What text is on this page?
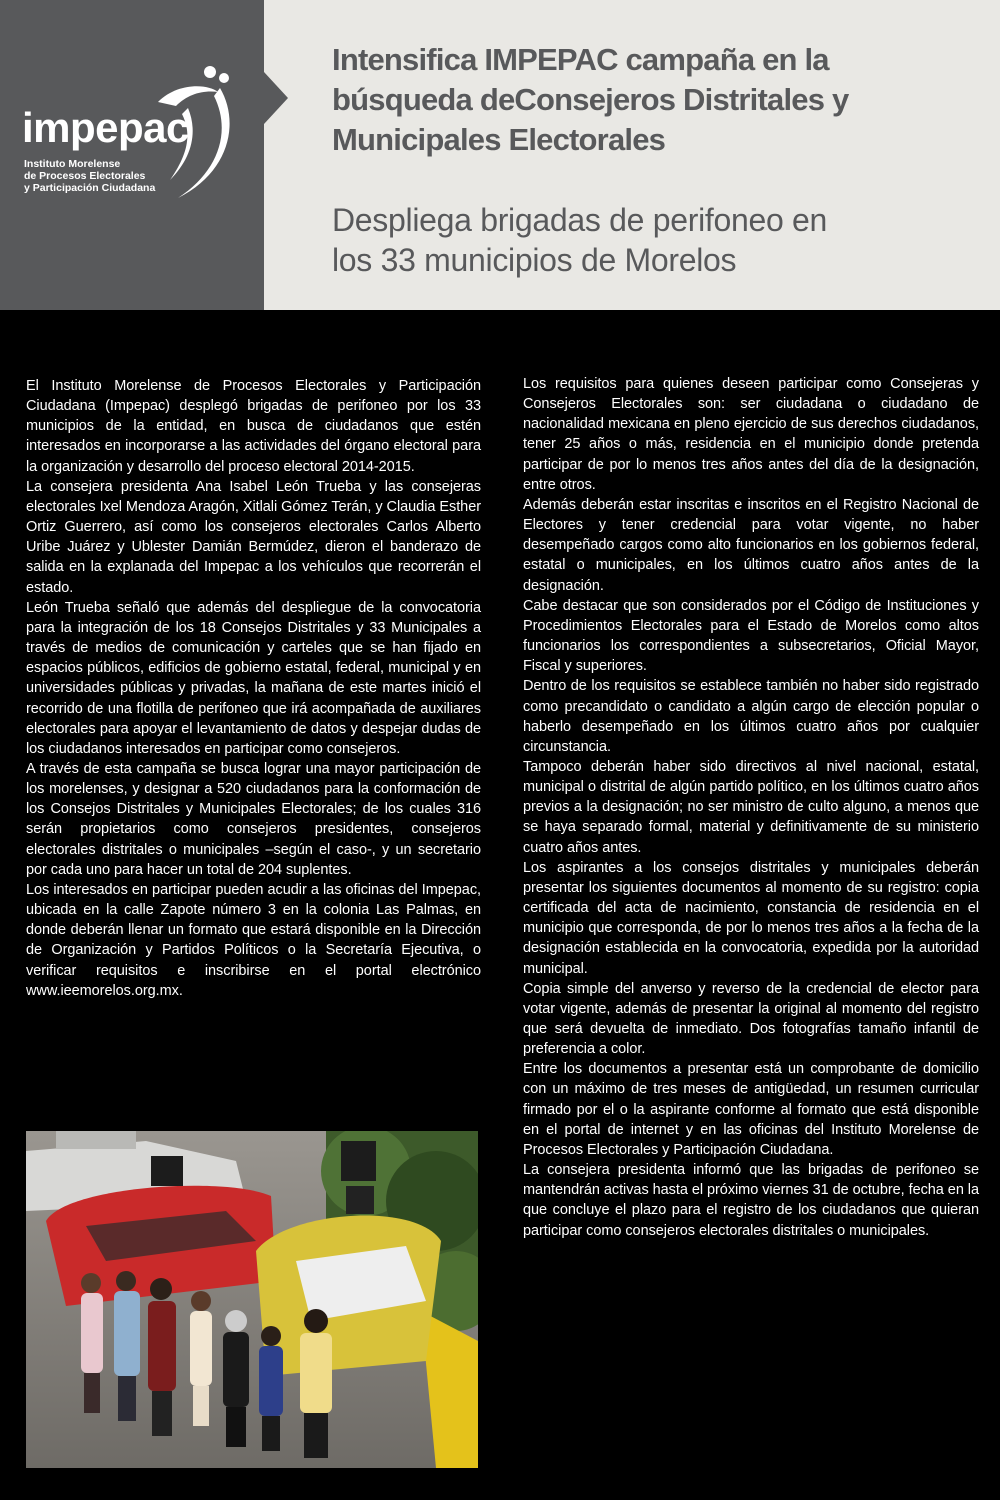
impepac
Instituto Morelense
de Procesos Electorales
y Participación Ciudadana
Intensifica IMPEPAC campaña en la
búsqueda deConsejeros Distritales y
Municipales Electorales
Despliega brigadas de perifoneo en
los 33 municipios de Morelos

El Instituto Morelense de Procesos Electorales y Participación Ciudadana (Impepac) desplegó brigadas de perifoneo por los 33 municipios de la entidad, en busca de ciudadanos que estén interesados en incorporarse a las actividades del órgano electoral para la organización y desarrollo del proceso electoral 2014-2015.

La consejera presidenta Ana Isabel León Trueba y las consejeras electorales Ixel Mendoza Aragón, Xitlali Gómez Terán, y Claudia Esther Ortiz Guerrero, así como los consejeros electorales Carlos Alberto Uribe Juárez y Ublester Damián Bermúdez, dieron el banderazo de salida en la explanada del Impepac a los vehículos que recorrerán el estado.

León Trueba señaló que además del despliegue de la convocatoria para la integración de los 18 Consejos Distritales y 33 Municipales a través de medios de comunicación y carteles que se han fijado en espacios públicos, edificios de gobierno estatal, federal, municipal y en universidades públicas y privadas, la mañana de este martes inició el recorrido de una flotilla de perifoneo que irá acompañada de auxiliares electorales para apoyar el levantamiento de datos y despejar dudas de los ciudadanos interesados en participar como consejeros.

A través de esta campaña se busca lograr una mayor participación de los morelenses, y designar a 520 ciudadanos para la conformación de los Consejos Distritales y Municipales Electorales; de los cuales 316 serán propietarios como consejeros presidentes, consejeros electorales distritales o municipales –según el caso-, y un secretario por cada uno para hacer un total de 204 suplentes.

Los interesados en participar pueden acudir a las oficinas del Impepac, ubicada en la calle Zapote número 3 en la colonia Las Palmas, en donde deberán llenar un formato que estará disponible en la Dirección de Organización y Partidos Políticos o la Secretaría Ejecutiva, o verificar requisitos e inscribirse en el portal electrónico www.ieemorelos.org.mx.

Los requisitos para quienes deseen participar como Consejeras y Consejeros Electorales son: ser ciudadana o ciudadano de nacionalidad mexicana en pleno ejercicio de sus derechos ciudadanos, tener 25 años o más, residencia en el municipio donde pretenda participar de por lo menos tres años antes del día de la designación, entre otros.

Además deberán estar inscritas e inscritos en el Registro Nacional de Electores y tener credencial para votar vigente, no haber desempeñado cargos como alto funcionarios en los gobiernos federal, estatal o municipales, en los últimos cuatro años antes de la designación.

Cabe destacar que son considerados por el Código de Instituciones y Procedimientos Electorales para el Estado de Morelos como altos funcionarios los correspondientes a subsecretarios, Oficial Mayor, Fiscal y superiores.

Dentro de los requisitos se establece también no haber sido registrado como precandidato o candidato a algún cargo de elección popular o haberlo desempeñado en los últimos cuatro años por cualquier circunstancia.

Tampoco deberán haber sido directivos al nivel nacional, estatal, municipal o distrital de algún partido político, en los últimos cuatro años previos a la designación; no ser ministro de culto alguno, a menos que se haya separado formal, material y definitivamente de su ministerio cuatro años antes.

Los aspirantes a los consejos distritales y municipales deberán presentar los siguientes documentos al momento de su registro: copia certificada del acta de nacimiento, constancia de residencia en el municipio que corresponda, de por lo menos tres años a la fecha de la designación establecida en la convocatoria, expedida por la autoridad municipal.

Copia simple del anverso y reverso de la credencial de elector para votar vigente, además de presentar la original al momento del registro que será devuelta de inmediato. Dos fotografías tamaño infantil de preferencia a color.

Entre los documentos a presentar está un comprobante de domicilio con un máximo de tres meses de antigüedad, un resumen curricular firmado por el o la aspirante conforme al formato que está disponible en el portal de internet y en las oficinas del Instituto Morelense de Procesos Electorales y Participación Ciudadana.

La consejera presidenta informó que las brigadas de perifoneo se mantendrán activas hasta el próximo viernes 31 de octubre, fecha en la que concluye el plazo para el registro de los ciudadanos que quieran participar como consejeros electorales distritales o municipales.
